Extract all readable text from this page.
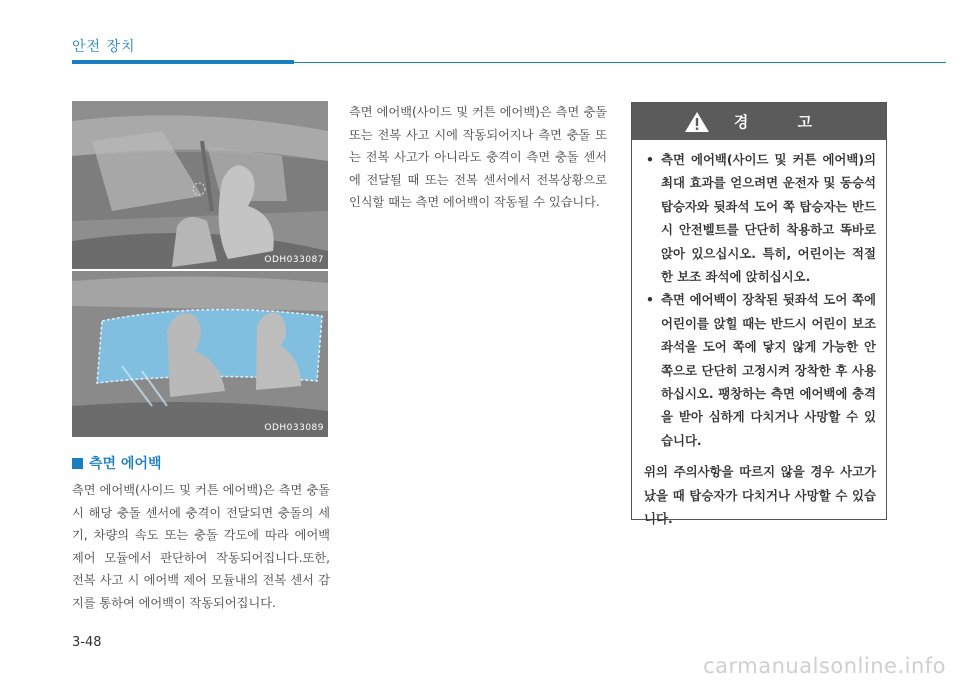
안전 장치
ODH033087
ODH033089
측면 에어백
측면 에어백(사이드 및 커튼 에어백)은 측면 충돌 시 해당 충돌 센서에 충격이 전달되면 충돌의 세기, 차량의 속도 또는 충돌 각도에 따라 에어백 제어 모듈에서 판단하여 작동되어집니다.또한, 전복 사고 시 에어백 제어 모듈내의 전복 센서 감지를 통하여 에어백이 작동되어집니다.
측면 에어백(사이드 및 커튼 에어백)은 측면 충돌 또는 전복 사고 시에 작동되어지나 측면 충돌 또는 전복 사고가 아니라도 충격이 측면 충돌 센서에 전달될 때 또는 전복 센서에서 전복상황으로 인식할 때는 측면 에어백이 작동될 수 있습니다.
경 고
• 측면 에어백(사이드 및 커튼 에어백)의 최대 효과를 얻으려면 운전자 및 동승석 탑승자와 뒷좌석 도어 쪽 탑승자는 반드시 안전벨트를 단단히 착용하고 똑바로 앉아 있으십시오. 특히, 어린이는 적절한 보조 좌석에 앉히십시오.
• 측면 에어백이 장착된 뒷좌석 도어 쪽에 어린이를 앉힐 때는 반드시 어린이 보조 좌석을 도어 쪽에 닿지 않게 가능한 안쪽으로 단단히 고정시켜 장착한 후 사용하십시오. 팽창하는 측면 에어백에 충격을 받아 심하게 다치거나 사망할 수 있습니다.
위의 주의사항을 따르지 않을 경우 사고가 났을 때 탑승자가 다치거나 사망할 수 있습니다.
3-48
carmanualsonline.info
